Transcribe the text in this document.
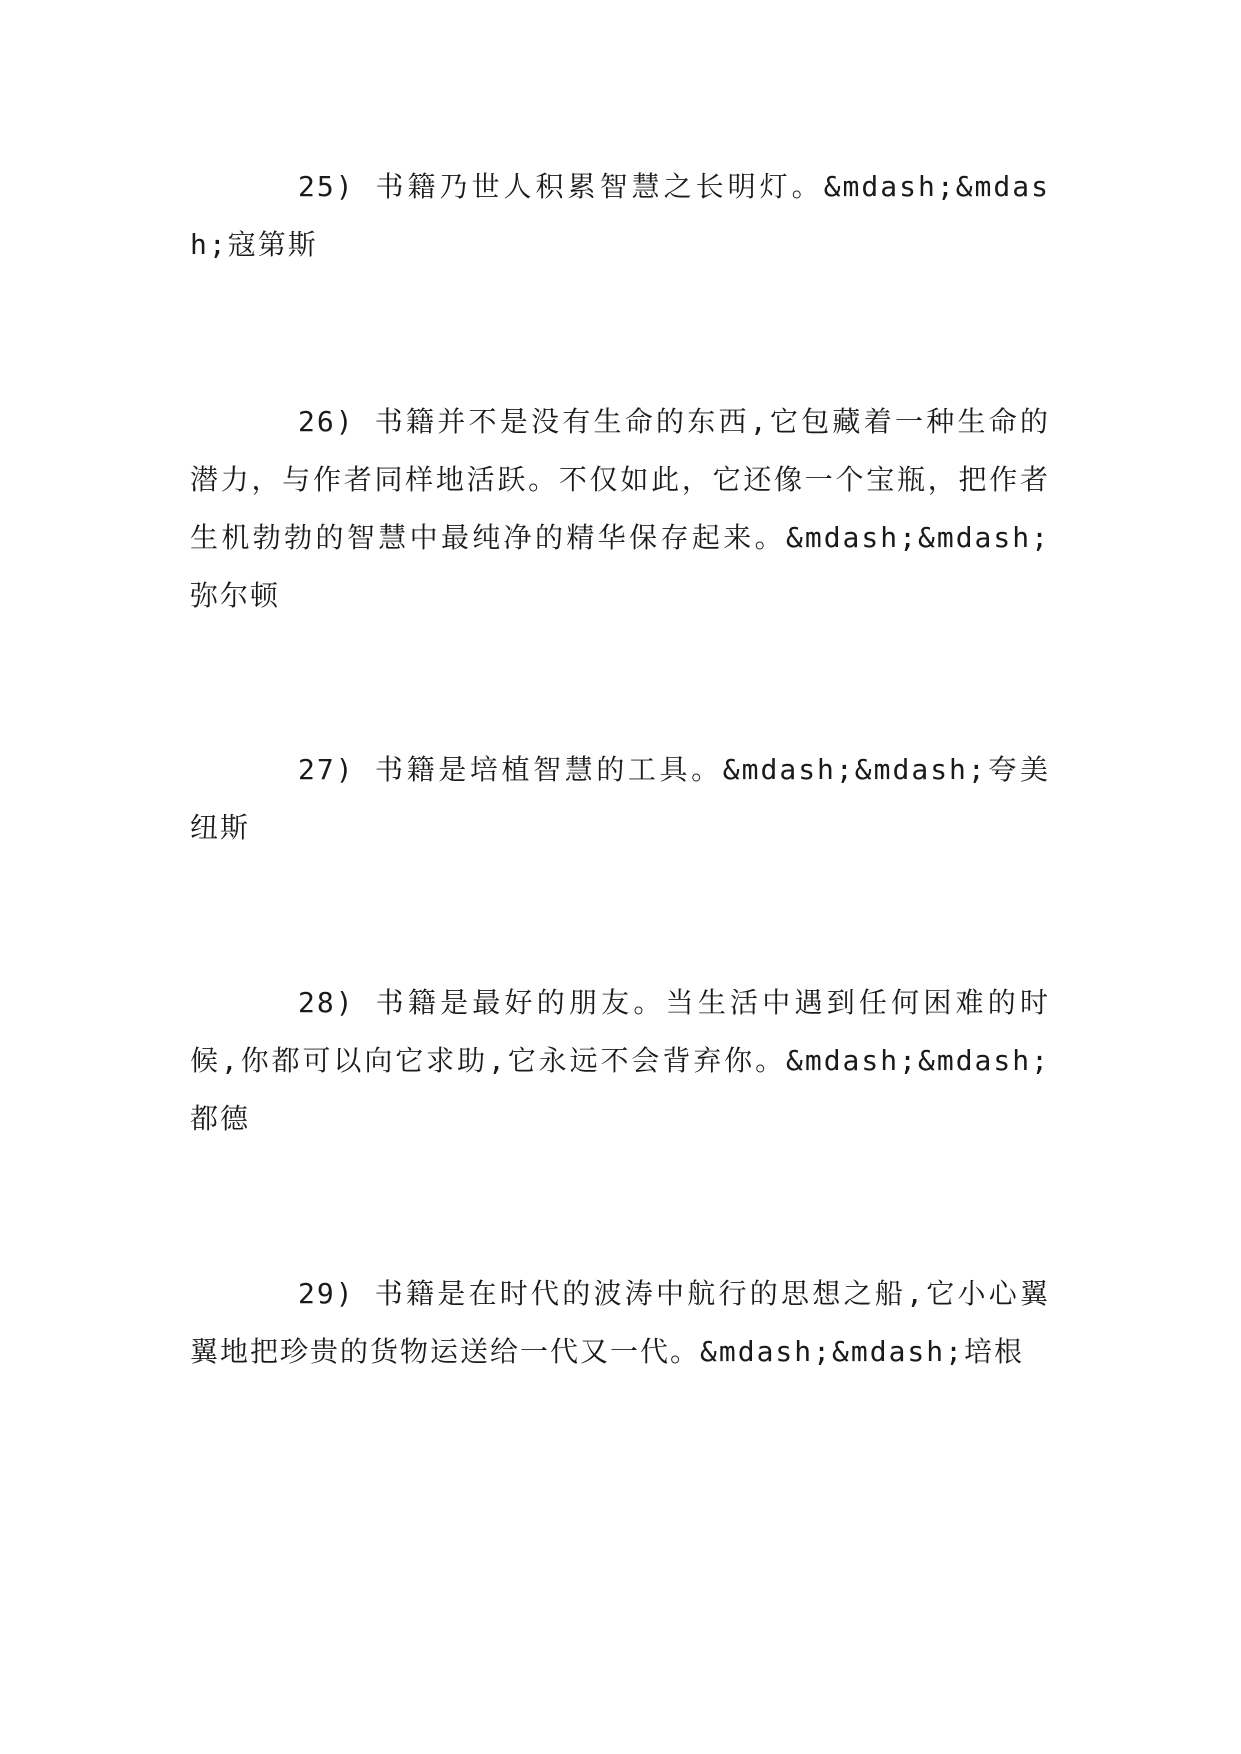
25) 书籍乃世人积累智慧之长明灯。&mdash;&mdash;寇第斯

26) 书籍并不是没有生命的东西,它包藏着一种生命的潜力，与作者同样地活跃。不仅如此，它还像一个宝瓶，把作者生机勃勃的智慧中最纯净的精华保存起来。&mdash;&mdash;弥尔顿

27) 书籍是培植智慧的工具。&mdash;&mdash;夸美纽斯

28) 书籍是最好的朋友。当生活中遇到任何困难的时候,你都可以向它求助,它永远不会背弃你。&mdash;&mdash;都德

29) 书籍是在时代的波涛中航行的思想之船,它小心翼翼地把珍贵的货物运送给一代又一代。&mdash;&mdash;培根
